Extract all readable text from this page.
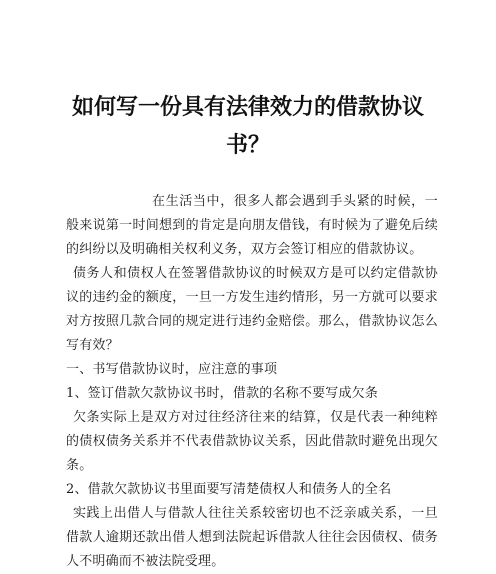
如何写一份具有法律效力的借款协议
书？

在生活当中，很多人都会遇到手头紧的时候，一般来说第一时间想到的肯定是向朋友借钱，有时候为了避免后续的纠纷以及明确相关权利义务，双方会签订相应的借款协议。

债务人和债权人在签署借款协议的时候双方是可以约定借款协议的违约金的额度，一旦一方发生违约情形，另一方就可以要求对方按照几款合同的规定进行违约金赔偿。那么，借款协议怎么写有效？

一、书写借款协议时，应注意的事项

1、签订借款欠款协议书时，借款的名称不要写成欠条

欠条实际上是双方对过往经济往来的结算，仅是代表一种纯粹的债权债务关系并不代表借款协议关系，因此借款时避免出现欠条。

2、借款欠款协议书里面要写清楚债权人和债务人的全名

实践上出借人与借款人往往关系较密切也不泛亲戚关系，一旦借款人逾期还款出借人想到法院起诉借款人往往会因债权、债务人不明确而不被法院受理。
